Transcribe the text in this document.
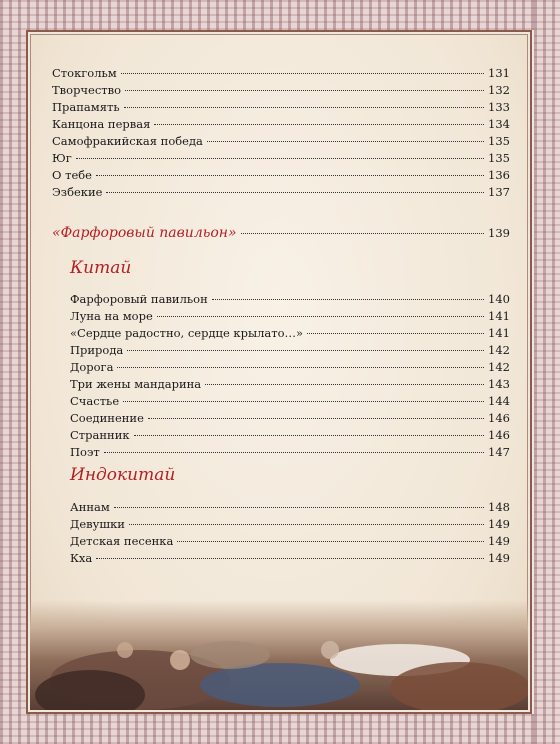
Стокгольм	131
Творчество	132
Прапамять	133
Канцона первая	134
Самофракийская победа	135
Юг	135
О тебе	136
Эзбекие	137
«Фарфоровый павильон»	139
Фарфоровый павильон	140
Луна на море	141
«Сердце радостно, сердце крылато…»	141
Природа	142
Дорога	142
Три жены мандарина	143
Счастье	144
Соединение	146
Странник	146
Поэт	147
Аннам	148
Девушки	149
Детская песенка	149
Кха	149
Китай
Индокитай
